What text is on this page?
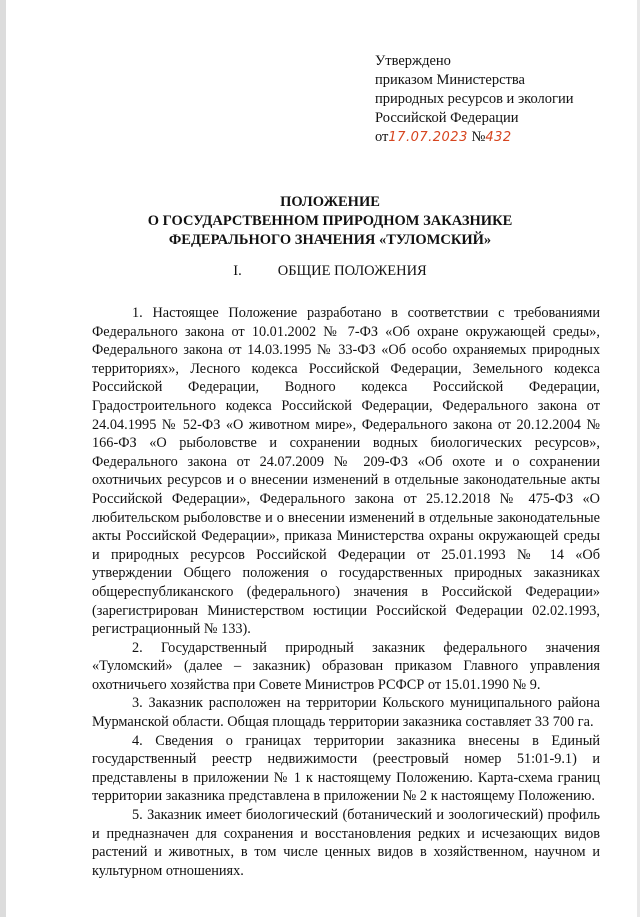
Утверждено
приказом Министерства
природных ресурсов и экологии
Российской Федерации
от17.07.2023 №432
ПОЛОЖЕНИЕ
О ГОСУДАРСТВЕННОМ ПРИРОДНОМ ЗАКАЗНИКЕ
ФЕДЕРАЛЬНОГО ЗНАЧЕНИЯ «ТУЛОМСКИЙ»
I. ОБЩИЕ ПОЛОЖЕНИЯ

1. Настоящее Положение разработано в соответствии с требованиями Федерального закона от 10.01.2002 № 7-ФЗ «Об охране окружающей среды», Федерального закона от 14.03.1995 № 33-ФЗ «Об особо охраняемых природных территориях», Лесного кодекса Российской Федерации, Земельного кодекса Российской Федерации, Водного кодекса Российской Федерации, Градостроительного кодекса Российской Федерации, Федерального закона от 24.04.1995 № 52-ФЗ «О животном мире», Федерального закона от 20.12.2004 № 166-ФЗ «О рыболовстве и сохранении водных биологических ресурсов», Федерального закона от 24.07.2009 № 209-ФЗ «Об охоте и о сохранении охотничьих ресурсов и о внесении изменений в отдельные законодательные акты Российской Федерации», Федерального закона от 25.12.2018 № 475-ФЗ «О любительском рыболовстве и о внесении изменений в отдельные законодательные акты Российской Федерации», приказа Министерства охраны окружающей среды и природных ресурсов Российской Федерации от 25.01.1993 № 14 «Об утверждении Общего положения о государственных природных заказниках общереспубликанского (федерального) значения в Российской Федерации» (зарегистрирован Министерством юстиции Российской Федерации 02.02.1993, регистрационный № 133).

2. Государственный природный заказник федерального значения «Туломский» (далее – заказник) образован приказом Главного управления охотничьего хозяйства при Совете Министров РСФСР от 15.01.1990 № 9.

3. Заказник расположен на территории Кольского муниципального района Мурманской области. Общая площадь территории заказника составляет 33 700 га.

4. Сведения о границах территории заказника внесены в Единый государственный реестр недвижимости (реестровый номер 51:01-9.1) и представлены в приложении № 1 к настоящему Положению. Карта-схема границ территории заказника представлена в приложении № 2 к настоящему Положению.

5. Заказник имеет биологический (ботанический и зоологический) профиль и предназначен для сохранения и восстановления редких и исчезающих видов растений и животных, в том числе ценных видов в хозяйственном, научном и культурном отношениях.
